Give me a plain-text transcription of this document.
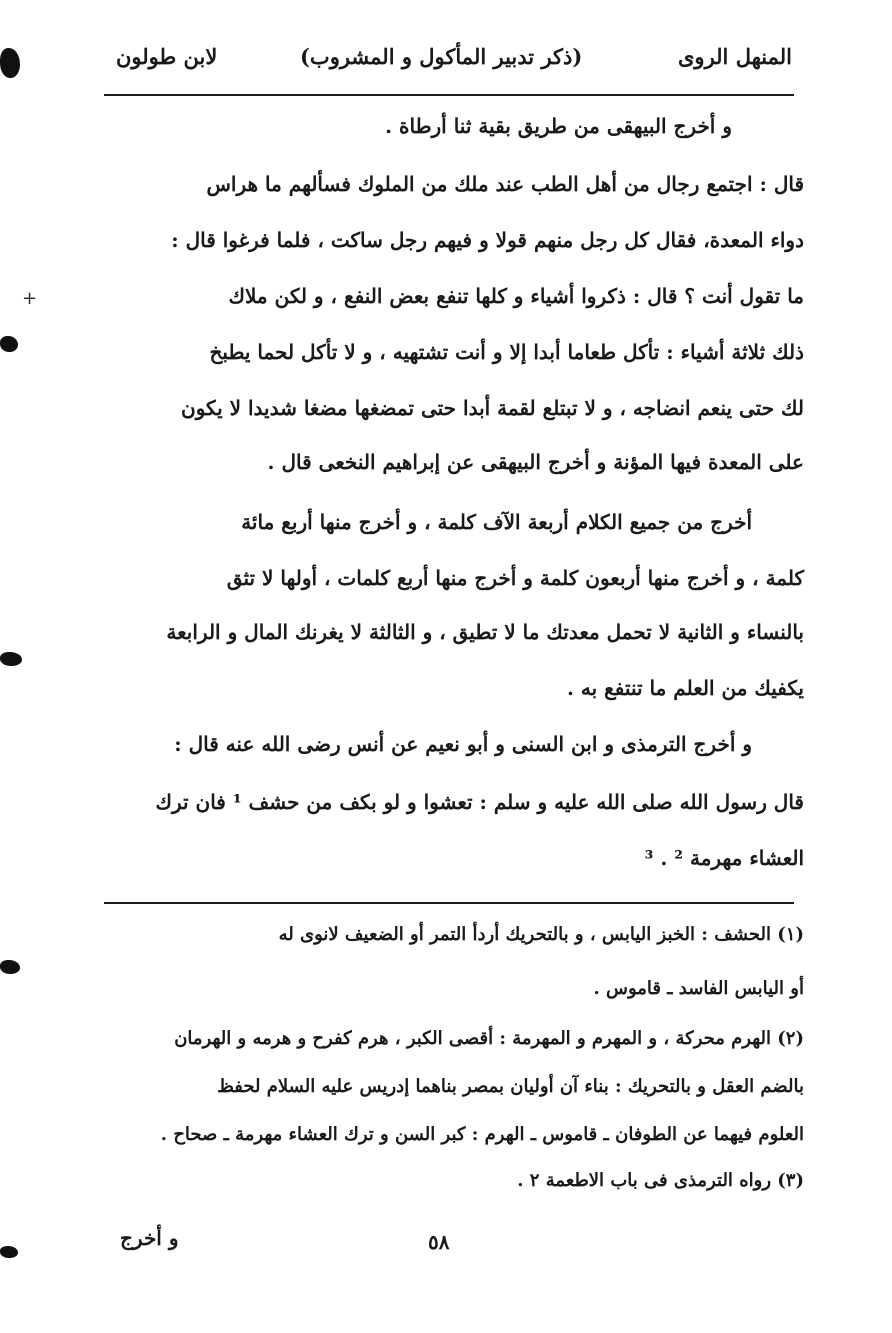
+
المنهل الروى
(ذكر تدبير المأكول و المشروب)
لابن طولون
و أخرج البيهقى من طريق بقية ثنا أرطاة .
قال : اجتمع رجال من أهل الطب عند ملك من الملوك فسألهم ما هراس
دواء المعدة، فقال كل رجل منهم قولا و فيهم رجل ساكت ، فلما فرغوا قال :
ما تقول أنت ؟ قال : ذكروا أشياء و كلها تنفع بعض النفع ، و لكن ملاك
ذلك ثلاثة أشياء : تأكل طعاما أبدا إلا و أنت تشتهيه ، و لا تأكل لحما يطبخ
لك حتى ينعم انضاجه ، و لا تبتلع لقمة أبدا حتى تمضغها مضغا شديدا لا يكون
على المعدة فيها المؤنة و أخرج البيهقى عن إبراهيم النخعى قال .
أخرج من جميع الكلام أربعة الآف كلمة ، و أخرج منها أربع مائة
كلمة ، و أخرج منها أربعون كلمة و أخرج منها أربع كلمات ، أولها لا تثق
بالنساء و الثانية لا تحمل معدتك ما لا تطيق ، و الثالثة لا يغرنك المال و الرابعة
يكفيك من العلم ما تنتفع به .
و أخرج الترمذى و ابن السنى و أبو نعيم عن أنس رضى الله عنه قال :
قال رسول الله صلى الله عليه و سلم : تعشوا و لو بكف من حشف ¹ فان ترك
العشاء مهرمة ² . ³
(١) الحشف : الخبز اليابس ، و بالتحريك أردأ التمر أو الضعيف لانوى له
أو اليابس الفاسد ـ قاموس .
(٢) الهرم محركة ، و المهرم و المهرمة : أقصى الكبر ، هرم كفرح و هرمه و الهرمان
بالضم العقل و بالتحريك : بناء آن أوليان بمصر بناهما إدريس عليه السلام لحفظ
العلوم فيهما عن الطوفان ـ قاموس ـ الهرم : كبر السن و ترك العشاء مهرمة ـ صحاح .
(٣) رواه الترمذى فى باب الاطعمة ٢ .
٥٨
و أخرج
